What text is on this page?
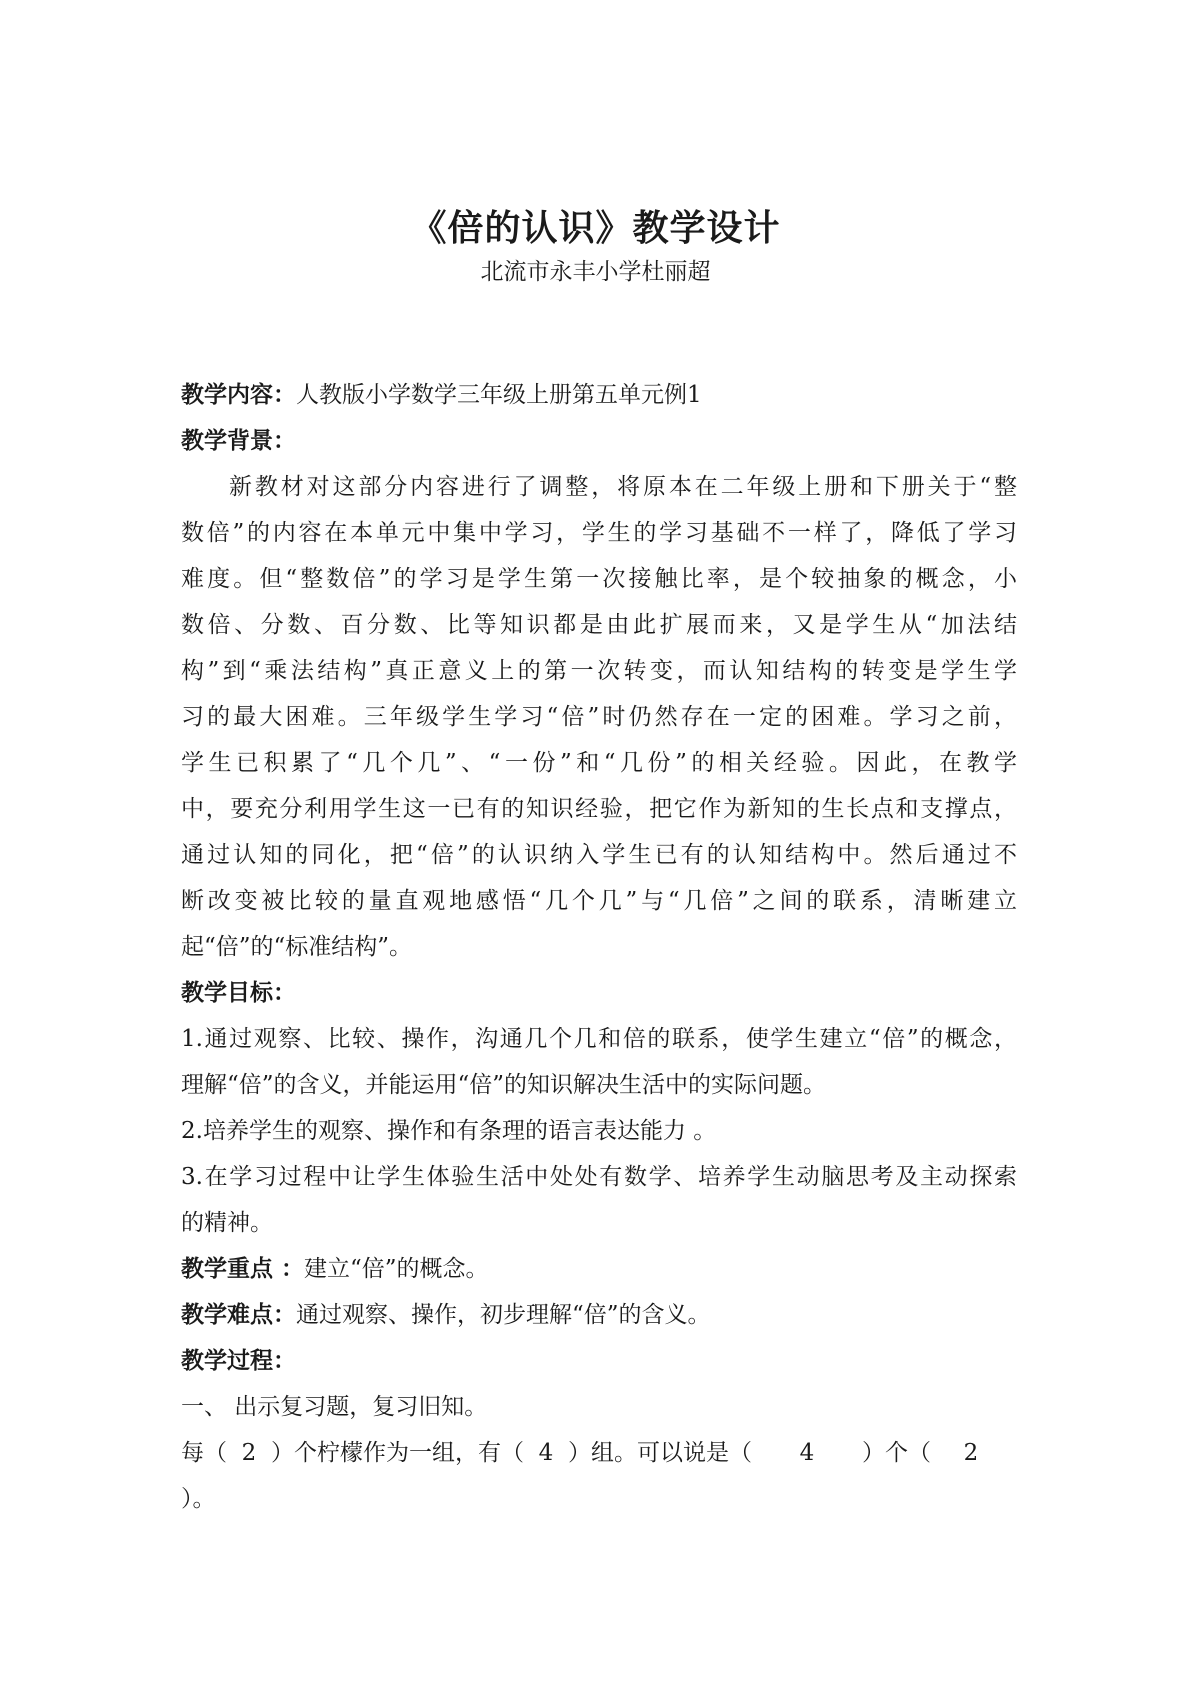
《倍的认识》教学设计
北流市永丰小学杜丽超
教学内容：人教版小学数学三年级上册第五单元例1
教学背景：
新教材对这部分内容进行了调整，将原本在二年级上册和下册关于“整
数倍”的内容在本单元中集中学习，学生的学习基础不一样了，降低了学习
难度。但“整数倍”的学习是学生第一次接触比率，是个较抽象的概念，小
数倍、分数、百分数、比等知识都是由此扩展而来，又是学生从“加法结
构”到“乘法结构”真正意义上的第一次转变，而认知结构的转变是学生学
习的最大困难。三年级学生学习“倍”时仍然存在一定的困难。学习之前，
学生已积累了“几个几”、“一份”和“几份”的相关经验。因此，在教学
中，要充分利用学生这一已有的知识经验，把它作为新知的生长点和支撑点，
通过认知的同化，把“倍”的认识纳入学生已有的认知结构中。然后通过不
断改变被比较的量直观地感悟“几个几”与“几倍”之间的联系，清晰建立
起“倍”的“标准结构”。
教学目标：
1.通过观察、比较、操作，沟通几个几和倍的联系，使学生建立“倍”的概念，
理解“倍”的含义，并能运用“倍”的知识解决生活中的实际问题。
2.培养学生的观察、操作和有条理的语言表达能力 。
3.在学习过程中让学生体验生活中处处有数学、培养学生动脑思考及主动探索
的精神。
教学重点 ：建立“倍”的概念。
教学难点：通过观察、操作，初步理解“倍”的含义。
教学过程：
一、 出示复习题，复习旧知。
每（ 2 ）个柠檬作为一组，有（ 4 ）组。可以说是（ 4 ）个（ 2
）。
